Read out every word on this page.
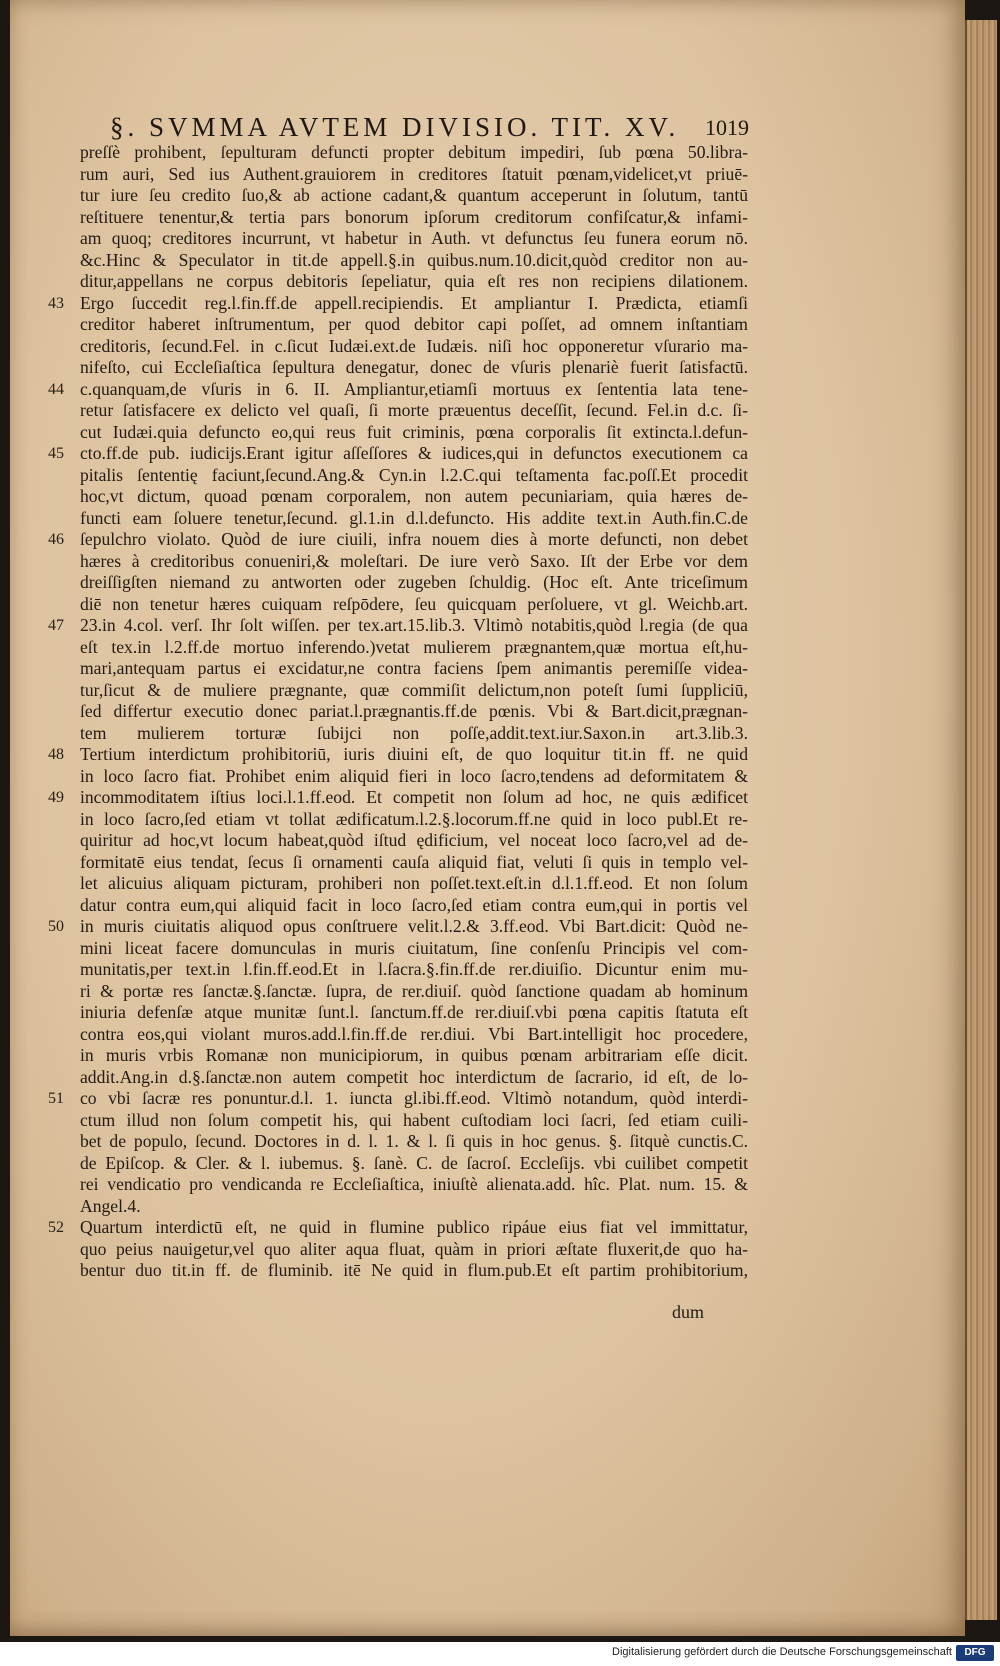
§. SVMMA AVTEM DIVISIO. TIT. XV.	1019
preſſè prohibent, ſepulturam defuncti propter debitum impediri, ſub pœna 50.libra-
rum auri, Sed ius Authent.grauiorem in creditores ſtatuit pœnam,videlicet,vt priuē-
tur iure ſeu credito ſuo,& ab actione cadant,& quantum acceperunt in ſolutum, tantū
reſtituere tenentur,& tertia pars bonorum ipſorum creditorum confiſcatur,& infami-
am quoq; creditores incurrunt, vt habetur in Auth. vt defunctus ſeu funera eorum nō.
&c.Hinc & Speculator in tit.de appell.§.in quibus.num.10.dicit,quòd creditor non au-
ditur,appellans ne corpus debitoris ſepeliatur, quia eſt res non recipiens dilationem.
43 Ergo ſuccedit reg.l.fin.ff.de appell.recipiendis. Et ampliantur I. Prædicta, etiamſi
creditor haberet inſtrumentum, per quod debitor capi poſſet, ad omnem inſtantiam
creditoris, ſecund.Fel. in c.ſicut Iudæi.ext.de Iudæis. niſi hoc opponeretur vſurario ma-
nifeſto, cui Eccleſiaſtica ſepultura denegatur, donec de vſuris plenariè fuerit ſatisfactū.
44 c.quanquam,de vſuris in 6. II. Ampliantur,etiamſi mortuus ex ſententia lata tene-
retur ſatisfacere ex delicto vel quaſi, ſi morte præuentus deceſſit, ſecund. Fel.in d.c. ſi-
cut Iudæi.quia defuncto eo,qui reus fuit criminis, pœna corporalis ſit extincta.l.defun-
45 cto.ff.de pub. iudicijs.Erant igitur aſſeſſores & iudices,qui in defunctos executionem ca
pitalis ſententię faciunt,ſecund.Ang.& Cyn.in l.2.C.qui teſtamenta fac.poſſ.Et procedit
hoc,vt dictum, quoad pœnam corporalem, non autem pecuniariam, quia hæres de-
functi eam ſoluere tenetur,ſecund. gl.1.in d.l.defuncto. His addite text.in Auth.fin.C.de
46 ſepulchro violato. Quòd de iure ciuili, infra nouem dies à morte defuncti, non debet
hæres à creditoribus conueniri,& moleſtari. De iure verò Saxo. Iſt der Erbe vor dem
dreiſſigſten niemand zu antworten oder zugeben ſchuldig. (Hoc eſt. Ante triceſimum
diē non tenetur hæres cuiquam reſpōdere, ſeu quicquam perſoluere, vt gl. Weichb.art.
47 23.in 4.col. verſ. Ihr ſolt wiſſen. per tex.art.15.lib.3. Vltimò notabitis,quòd l.regia (de qua
eſt tex.in l.2.ff.de mortuo inferendo.)vetat mulierem prægnantem,quæ mortua eſt,hu-
mari,antequam partus ei excidatur,ne contra faciens ſpem animantis peremiſſe videa-
tur,ſicut & de muliere prægnante, quæ commiſit delictum,non poteſt ſumi ſuppliciū,
ſed differtur executio donec pariat.l.prægnantis.ff.de pœnis. Vbi & Bart.dicit,prægnan-
tem mulierem torturæ ſubijci non poſſe,addit.text.iur.Saxon.in art.3.lib.3.
48 Tertium interdictum prohibitoriū, iuris diuini eſt, de quo loquitur tit.in ff. ne quid
in loco ſacro fiat. Prohibet enim aliquid fieri in loco ſacro,tendens ad deformitatem &
49 incommoditatem iſtius loci.l.1.ff.eod. Et competit non ſolum ad hoc, ne quis ædificet
in loco ſacro,ſed etiam vt tollat ædificatum.l.2.§.locorum.ff.ne quid in loco publ.Et re-
quiritur ad hoc,vt locum habeat,quòd iſtud ędificium, vel noceat loco ſacro,vel ad de-
formitatē eius tendat, ſecus ſi ornamenti cauſa aliquid fiat, veluti ſi quis in templo vel-
let alicuius aliquam picturam, prohiberi non poſſet.text.eſt.in d.l.1.ff.eod. Et non ſolum
datur contra eum,qui aliquid facit in loco ſacro,ſed etiam contra eum,qui in portis vel
50 in muris ciuitatis aliquod opus conſtruere velit.l.2.& 3.ff.eod. Vbi Bart.dicit: Quòd ne-
mini liceat facere domunculas in muris ciuitatum, ſine conſenſu Principis vel com-
munitatis,per text.in l.fin.ff.eod.Et in l.ſacra.§.fin.ff.de rer.diuiſio. Dicuntur enim mu-
ri & portæ res ſanctæ.§.ſanctæ. ſupra, de rer.diuiſ. quòd ſanctione quadam ab hominum
iniuria defenſæ atque munitæ ſunt.l. ſanctum.ff.de rer.diuiſ.vbi pœna capitis ſtatuta eſt
contra eos,qui violant muros.add.l.fin.ff.de rer.diui. Vbi Bart.intelligit hoc procedere,
in muris vrbis Romanæ non municipiorum, in quibus pœnam arbitrariam eſſe dicit.
addit.Ang.in d.§.ſanctæ.non autem competit hoc interdictum de ſacrario, id eſt, de lo-
51 co vbi ſacræ res ponuntur.d.l. 1. iuncta gl.ibi.ff.eod. Vltimò notandum, quòd interdi-
ctum illud non ſolum competit his, qui habent cuſtodiam loci ſacri, ſed etiam cuili-
bet de populo, ſecund. Doctores in d. l. 1. & l. ſi quis in hoc genus. §. ſitquè cunctis.C.
de Epiſcop. & Cler. & l. iubemus. §. ſanè. C. de ſacroſ. Eccleſijs. vbi cuilibet competit
rei vendicatio pro vendicanda re Eccleſiaſtica, iniuſtè alienata.add. hîc. Plat. num. 15. &
Angel.4.
52 Quartum interdictū eſt, ne quid in flumine publico ripáue eius fiat vel immittatur,
quo peius nauigetur,vel quo aliter aqua fluat, quàm in priori æſtate fluxerit,de quo ha-
bentur duo tit.in ff. de fluminib. itē Ne quid in flum.pub.Et eſt partim prohibitorium,
dum
Digitalisierung gefördert durch die Deutsche Forschungsgemeinschaft	DFG
